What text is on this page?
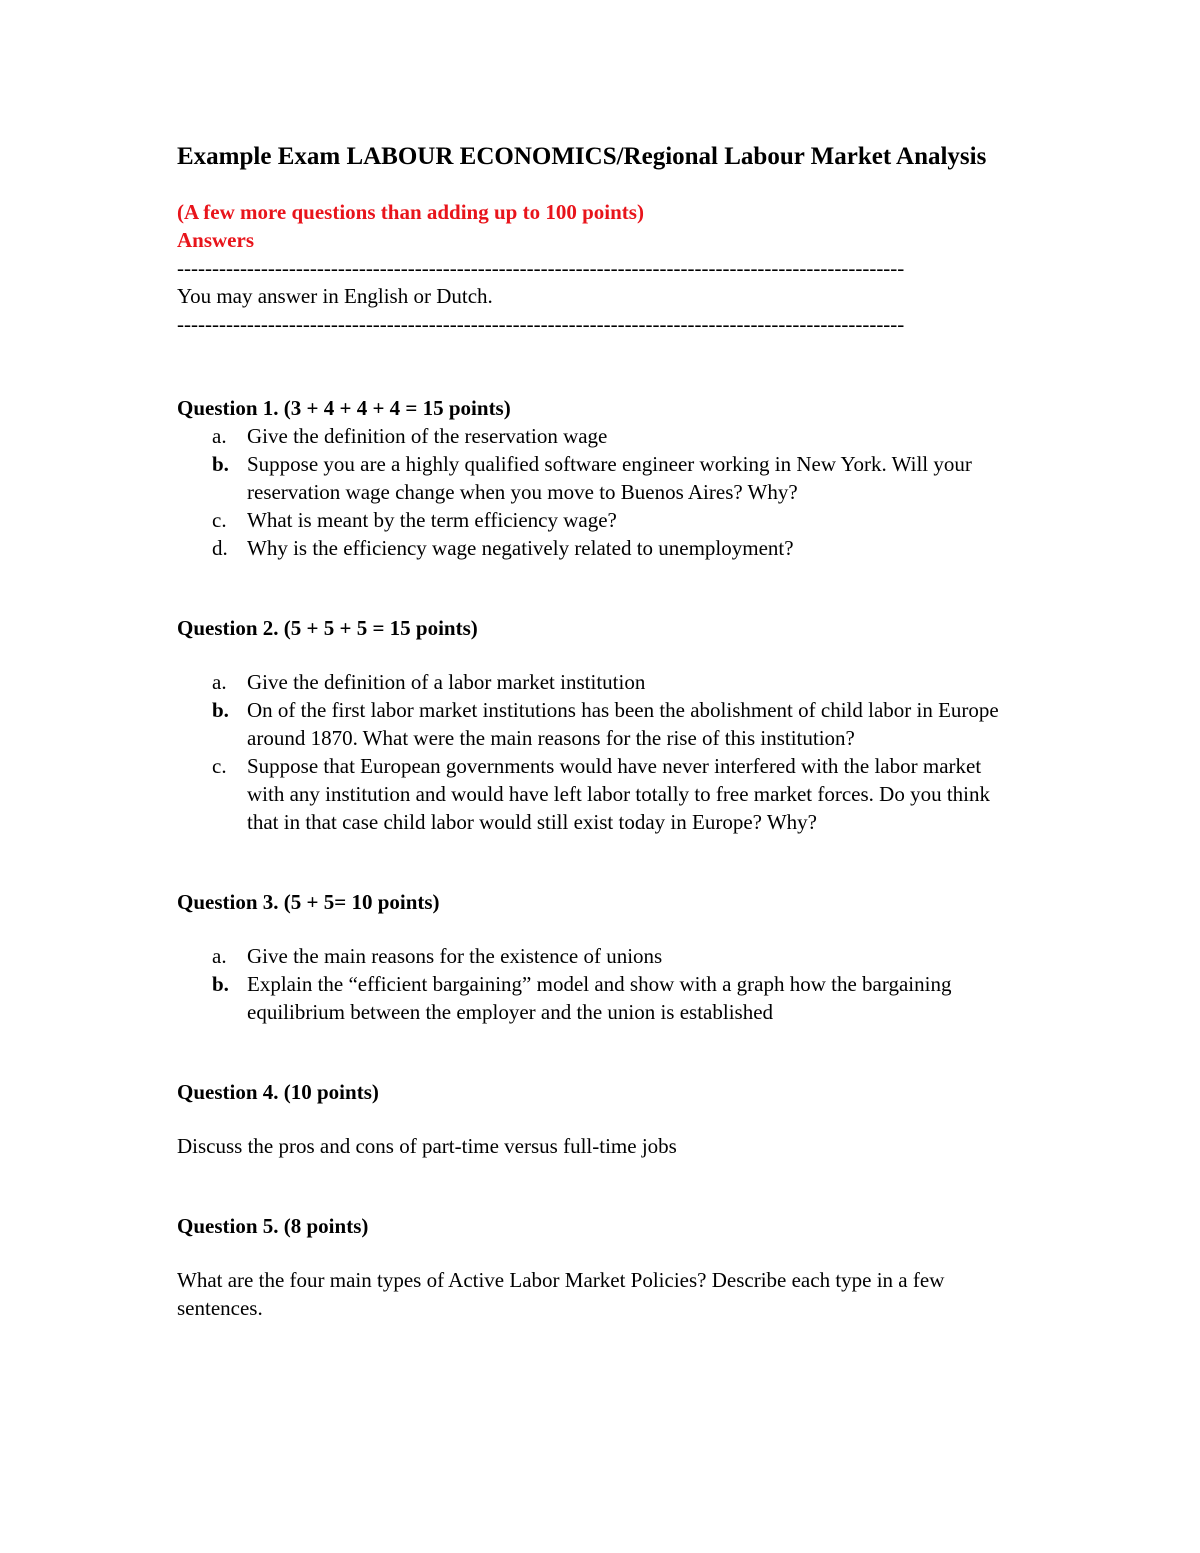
Example Exam LABOUR ECONOMICS/Regional Labour Market Analysis
(A few more questions than adding up to 100 points)
Answers
--------------------------------------------------------------------------------------------------------
You may answer in English or Dutch.
--------------------------------------------------------------------------------------------------------
Question 1. (3 + 4 + 4 + 4 = 15 points)
a. Give the definition of the reservation wage
b. Suppose you are a highly qualified software engineer working in New York. Will your reservation wage change when you move to Buenos Aires? Why?
c. What is meant by the term efficiency wage?
d. Why is the efficiency wage negatively related to unemployment?
Question 2. (5 + 5 + 5 = 15 points)
a. Give the definition of a labor market institution
b. On of the first labor market institutions has been the abolishment of child labor in Europe around 1870. What were the main reasons for the rise of this institution?
c. Suppose that European governments would have never interfered with the labor market with any institution and would have left labor totally to free market forces. Do you think that in that case child labor would still exist today in Europe? Why?
Question 3. (5 + 5= 10 points)
a. Give the main reasons for the existence of unions
b. Explain the “efficient bargaining” model and show with a graph how the bargaining equilibrium between the employer and the union is established
Question 4. (10 points)
Discuss the pros and cons of part-time versus full-time jobs
Question 5. (8 points)
What are the four main types of Active Labor Market Policies? Describe each type in a few sentences.
